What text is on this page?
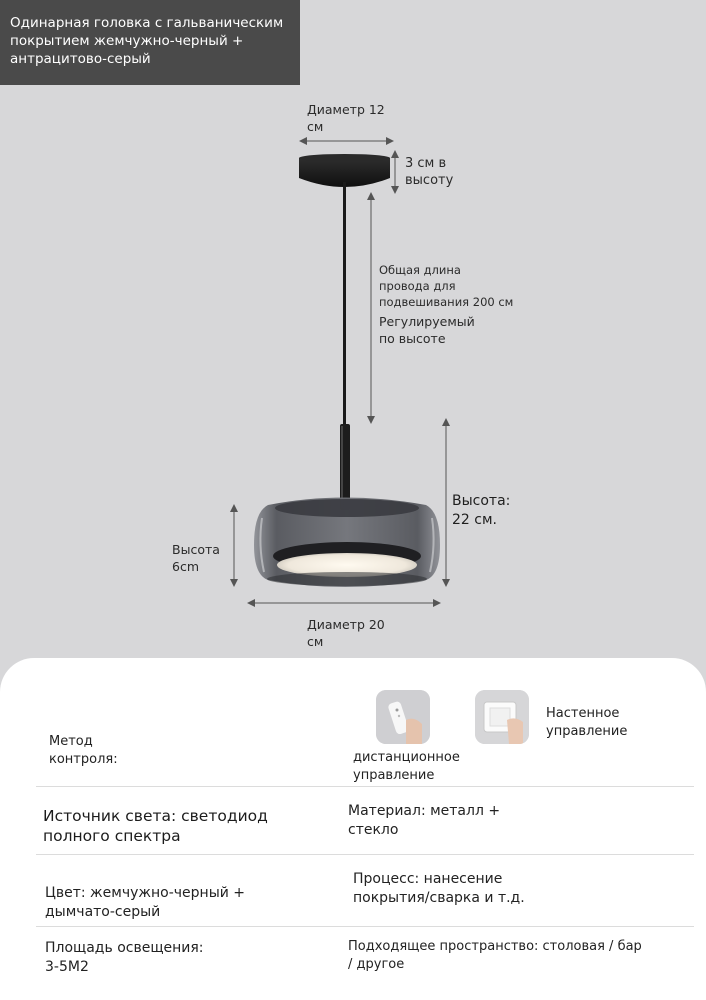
Одинарная головка с гальваническим
покрытием жемчужно-черный +
антрацитово-серый
Диаметр 12
см
3 см в
высоту
Общая длина
провода для
подвешивания 200 см
Регулируемый
по высоте
Высота:
22 см.
Высота
6cm
Диаметр 20
см
Метод
контроля:	дистанционное
управление
Настенное
управление
Источник света: светодиод
полного спектра
Материал: металл +
стекло
Цвет: жемчужно-черный +
дымчато-серый
Процесс: нанесение
покрытия/сварка и т.д.
Площадь освещения:
3-5M2
Подходящее пространство: столовая / бар
/ другое
